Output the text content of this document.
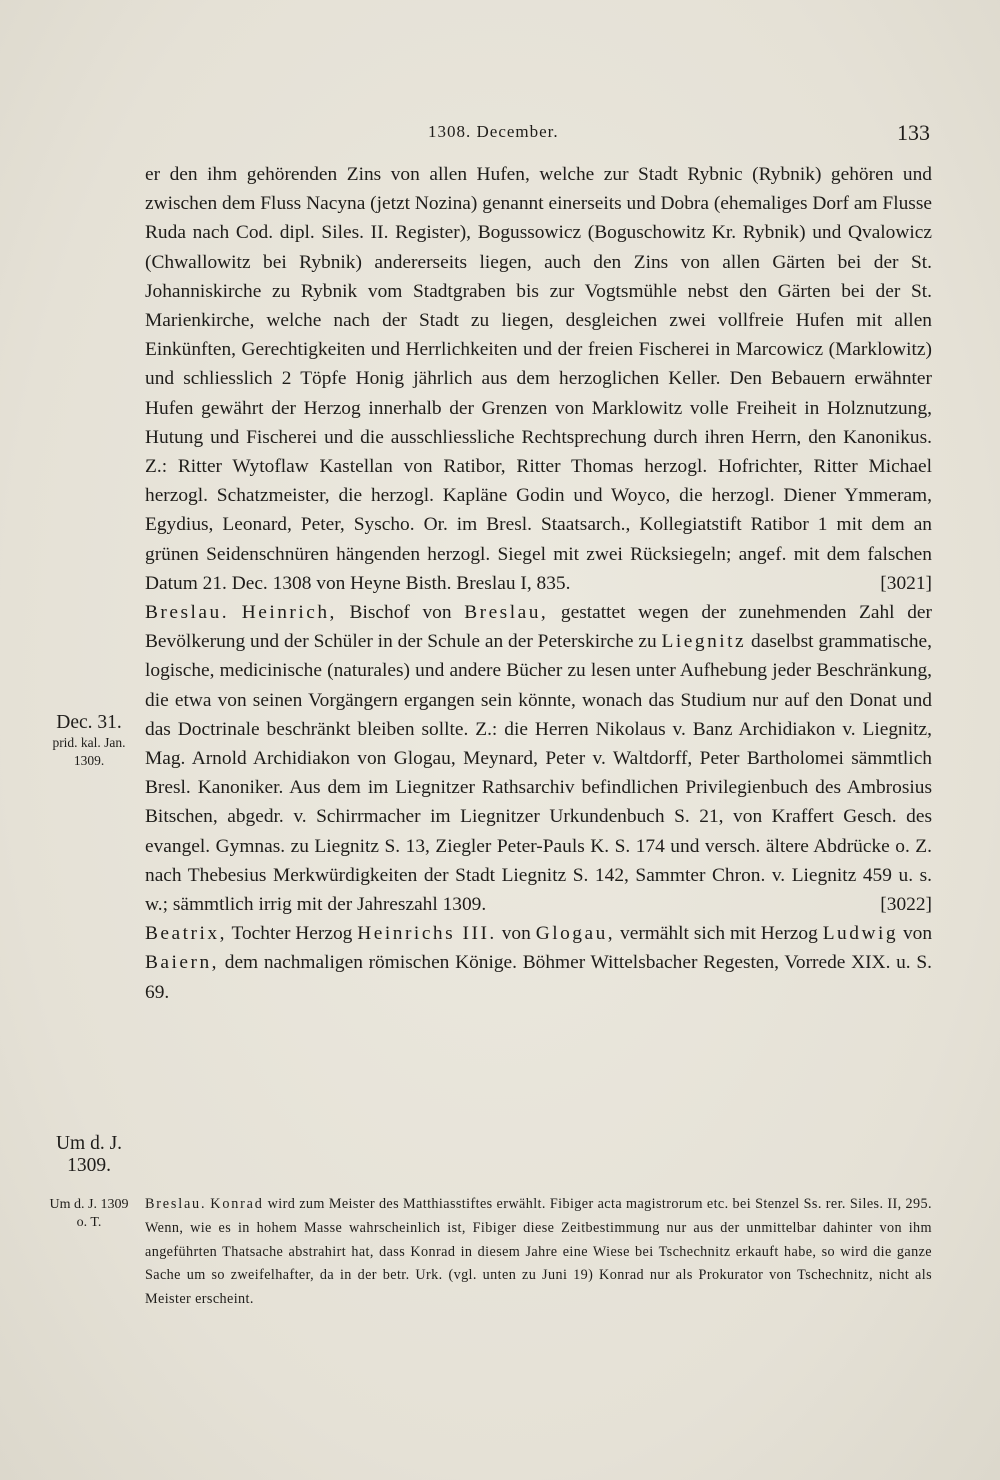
1308. December.	133

er den ihm gehörenden Zins von allen Hufen, welche zur Stadt Rybnic (Rybnik) gehören und zwischen dem Fluss Nacyna (jetzt Nozina) genannt einerseits und Dobra (ehemaliges Dorf am Flusse Ruda nach Cod. dipl. Siles. II. Register), Bogussowicz (Boguschowitz Kr. Rybnik) und Qvalowicz (Chwallowitz bei Rybnik) andererseits liegen, auch den Zins von allen Gärten bei der St. Johanniskirche zu Rybnik vom Stadtgraben bis zur Vogtsmühle nebst den Gärten bei der St. Marienkirche, welche nach der Stadt zu liegen, desgleichen zwei vollfreie Hufen mit allen Einkünften, Gerechtigkeiten und Herrlichkeiten und der freien Fischerei in Marcowicz (Marklowitz) und schliesslich 2 Töpfe Honig jährlich aus dem herzoglichen Keller. Den Bebauern erwähnter Hufen gewährt der Herzog innerhalb der Grenzen von Marklowitz volle Freiheit in Holznutzung, Hutung und Fischerei und die ausschliessliche Rechtsprechung durch ihren Herrn, den Kanonikus. Z.: Ritter Wytoflaw Kastellan von Ratibor, Ritter Thomas herzogl. Hofrichter, Ritter Michael herzogl. Schatzmeister, die herzogl. Kapläne Godin und Woyco, die herzogl. Diener Ymmeram, Egydius, Leonard, Peter, Syscho. Or. im Bresl. Staatsarch., Kollegiatstift Ratibor 1 mit dem an grünen Seidenschnüren hängenden herzogl. Siegel mit zwei Rücksiegeln; angef. mit dem falschen Datum 21. Dec. 1308 von Heyne Bisth. Breslau I, 835.	[3021]

Breslau. Heinrich, Bischof von Breslau, gestattet wegen der zunehmenden Zahl der Bevölkerung und der Schüler in der Schule an der Peterskirche zu Liegnitz daselbst grammatische, logische, medicinische (naturales) und andere Bücher zu lesen unter Aufhebung jeder Beschränkung, die etwa von seinen Vorgängern ergangen sein könnte, wonach das Studium nur auf den Donat und das Doctrinale beschränkt bleiben sollte. Z.: die Herren Nikolaus v. Banz Archidiakon v. Liegnitz, Mag. Arnold Archidiakon von Glogau, Meynard, Peter v. Waltdorff, Peter Bartholomei sämmtlich Bresl. Kanoniker. Aus dem im Liegnitzer Rathsarchiv befindlichen Privilegienbuch des Ambrosius Bitschen, abgedr. v. Schirrmacher im Liegnitzer Urkundenbuch S. 21, von Kraffert Gesch. des evangel. Gymnas. zu Liegnitz S. 13, Ziegler Peter-Pauls K. S. 174 und versch. ältere Abdrücke o. Z. nach Thebesius Merkwürdigkeiten der Stadt Liegnitz S. 142, Sammter Chron. v. Liegnitz 459 u. s. w.; sämmtlich irrig mit der Jahreszahl 1309.	[3022]

Beatrix, Tochter Herzog Heinrichs III. von Glogau, vermählt sich mit Herzog Ludwig von Baiern, dem nachmaligen römischen Könige. Böhmer Wittelsbacher Regesten, Vorrede XIX. u. S. 69.

Dec. 31.
prid. kal. Jan.
1309.
Um d. J.
1309.
Um d. J. 1309
o. T.
Breslau. Konrad wird zum Meister des Matthiasstiftes erwählt. Fibiger acta magistrorum etc. bei Stenzel Ss. rer. Siles. II, 295. Wenn, wie es in hohem Masse wahrscheinlich ist, Fibiger diese Zeitbestimmung nur aus der unmittelbar dahinter von ihm angeführten Thatsache abstrahirt hat, dass Konrad in diesem Jahre eine Wiese bei Tschechnitz erkauft habe, so wird die ganze Sache um so zweifelhafter, da in der betr. Urk. (vgl. unten zu Juni 19) Konrad nur als Prokurator von Tschechnitz, nicht als Meister erscheint.
